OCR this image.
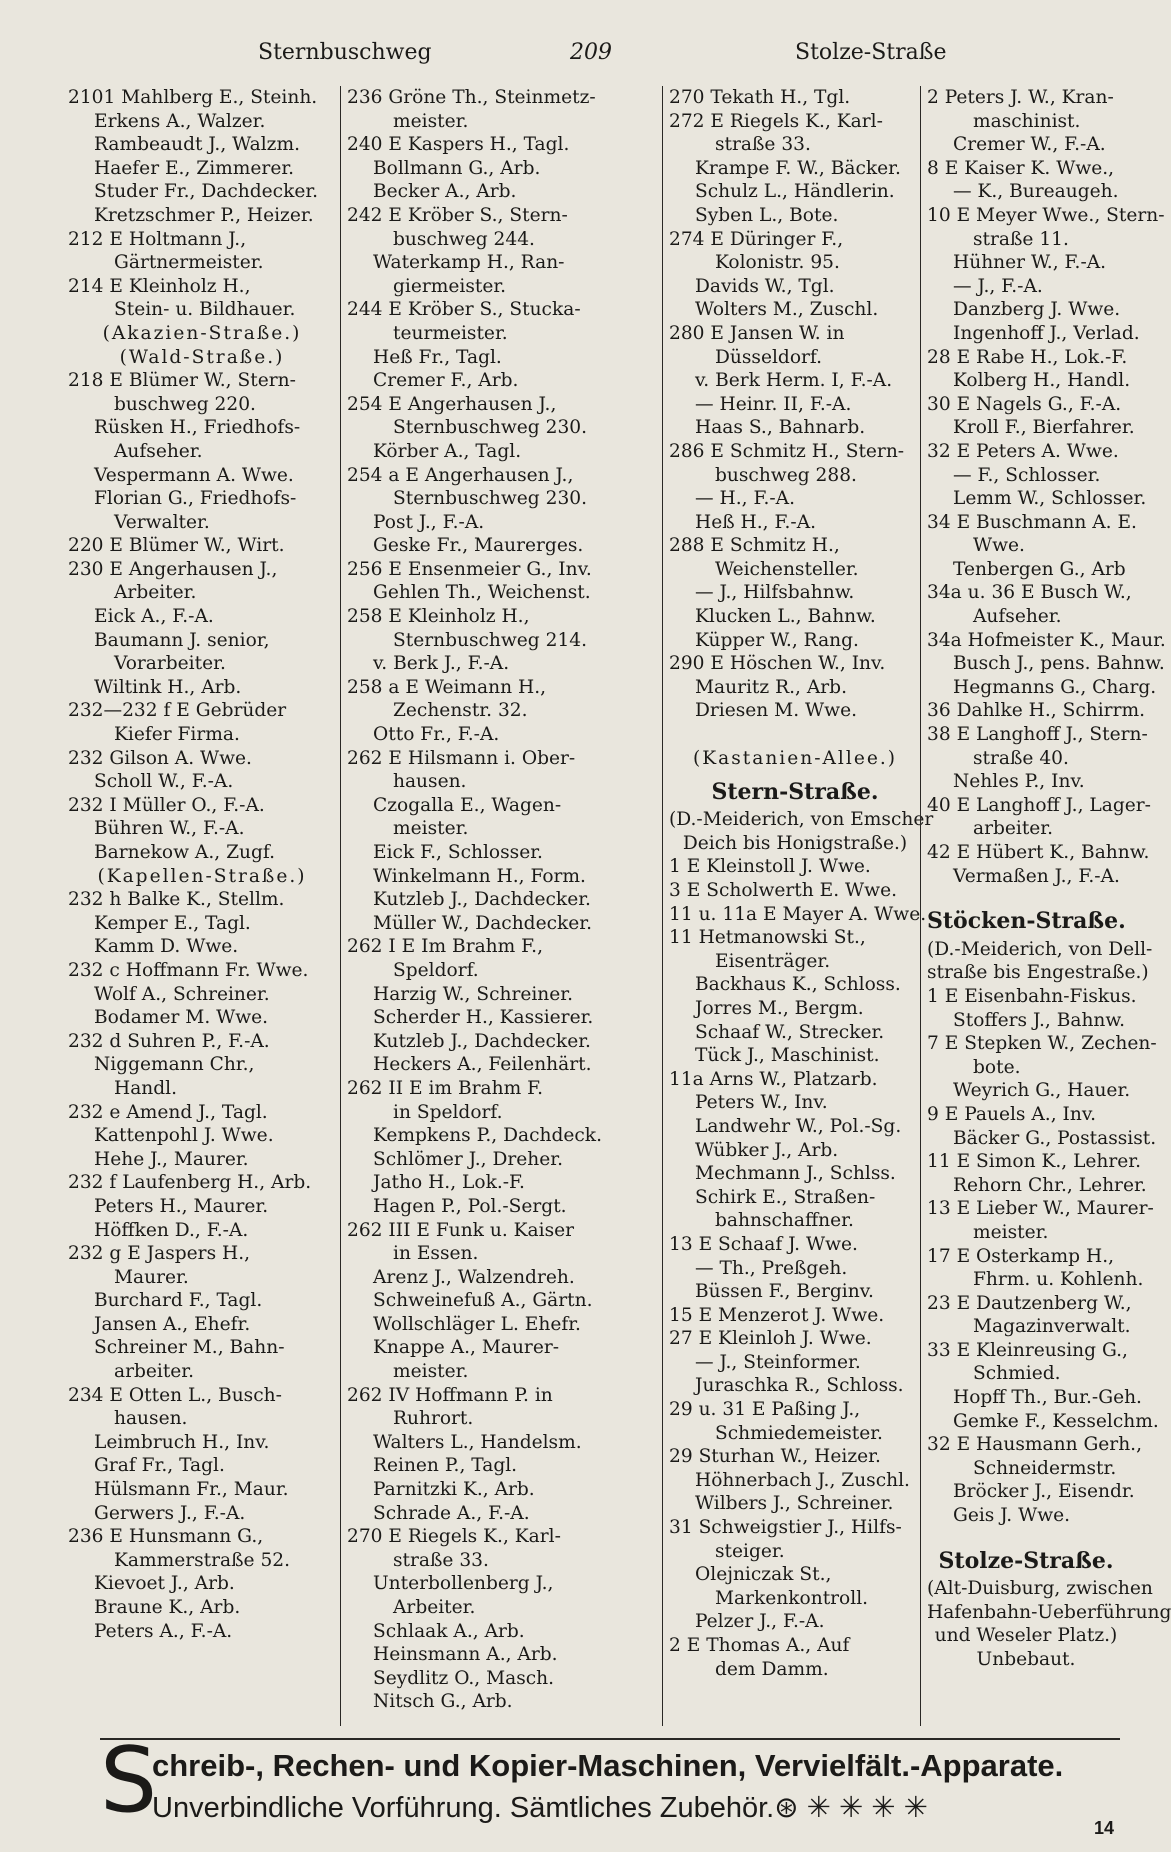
Sternbuschweg	209	Stolze-Straße
2101 Mahlberg E., Steinh.
Erkens A., Walzer.
Rambeaudt J., Walzm.
Haefer E., Zimmerer.
Studer Fr., Dachdecker.
Kretzschmer P., Heizer.
212 E Holtmann J.,
Gärtnermeister.
214 E Kleinholz H.,
Stein- u. Bildhauer.
(Akazien-Straße.)
(Wald-Straße.)
218 E Blümer W., Stern-
buschweg 220.
Rüsken H., Friedhofs-
Aufseher.
Vespermann A. Wwe.
Florian G., Friedhofs-
Verwalter.
220 E Blümer W., Wirt.
230 E Angerhausen J.,
Arbeiter.
Eick A., F.-A.
Baumann J. senior,
Vorarbeiter.
Wiltink H., Arb.
232—232 f E Gebrüder
Kiefer Firma.
232 Gilson A. Wwe.
Scholl W., F.-A.
232 I Müller O., F.-A.
Bühren W., F.-A.
Barnekow A., Zugf.
(Kapellen-Straße.)
232 h Balke K., Stellm.
Kemper E., Tagl.
Kamm D. Wwe.
232 c Hoffmann Fr. Wwe.
Wolf A., Schreiner.
Bodamer M. Wwe.
232 d Suhren P., F.-A.
Niggemann Chr.,
Handl.
232 e Amend J., Tagl.
Kattenpohl J. Wwe.
Hehe J., Maurer.
232 f Laufenberg H., Arb.
Peters H., Maurer.
Höffken D., F.-A.
232 g E Jaspers H.,
Maurer.
Burchard F., Tagl.
Jansen A., Ehefr.
Schreiner M., Bahn-
arbeiter.
234 E Otten L., Busch-
hausen.
Leimbruch H., Inv.
Graf Fr., Tagl.
Hülsmann Fr., Maur.
Gerwers J., F.-A.
236 E Hunsmann G.,
Kammerstraße 52.
Kievoet J., Arb.
Braune K., Arb.
Peters A., F.-A.
236 Gröne Th., Steinmetz-
meister.
240 E Kaspers H., Tagl.
Bollmann G., Arb.
Becker A., Arb.
242 E Kröber S., Stern-
buschweg 244.
Waterkamp H., Ran-
giermeister.
244 E Kröber S., Stucka-
teurmeister.
Heß Fr., Tagl.
Cremer F., Arb.
254 E Angerhausen J.,
Sternbuschweg 230.
Körber A., Tagl.
254 a E Angerhausen J.,
Sternbuschweg 230.
Post J., F.-A.
Geske Fr., Maurerges.
256 E Ensenmeier G., Inv.
Gehlen Th., Weichenst.
258 E Kleinholz H.,
Sternbuschweg 214.
v. Berk J., F.-A.
258 a E Weimann H.,
Zechenstr. 32.
Otto Fr., F.-A.
262 E Hilsmann i. Ober-
hausen.
Czogalla E., Wagen-
meister.
Eick F., Schlosser.
Winkelmann H., Form.
Kutzleb J., Dachdecker.
Müller W., Dachdecker.
262 I E Im Brahm F.,
Speldorf.
Harzig W., Schreiner.
Scherder H., Kassierer.
Kutzleb J., Dachdecker.
Heckers A., Feilenhärt.
262 II E im Brahm F.
in Speldorf.
Kempkens P., Dachdeck.
Schlömer J., Dreher.
Jatho H., Lok.-F.
Hagen P., Pol.-Sergt.
262 III E Funk u. Kaiser
in Essen.
Arenz J., Walzendreh.
Schweinefuß A., Gärtn.
Wollschläger L. Ehefr.
Knappe A., Maurer-
meister.
262 IV Hoffmann P. in
Ruhrort.
Walters L., Handelsm.
Reinen P., Tagl.
Parnitzki K., Arb.
Schrade A., F.-A.
270 E Riegels K., Karl-
straße 33.
Unterbollenberg J.,
Arbeiter.
Schlaak A., Arb.
Heinsmann A., Arb.
Seydlitz O., Masch.
Nitsch G., Arb.
270 Tekath H., Tgl.
272 E Riegels K., Karl-
straße 33.
Krampe F. W., Bäcker.
Schulz L., Händlerin.
Syben L., Bote.
274 E Düringer F.,
Kolonistr. 95.
Davids W., Tgl.
Wolters M., Zuschl.
280 E Jansen W. in
Düsseldorf.
v. Berk Herm. I, F.-A.
— Heinr. II, F.-A.
Haas S., Bahnarb.
286 E Schmitz H., Stern-
buschweg 288.
— H., F.-A.
Heß H., F.-A.
288 E Schmitz H.,
Weichensteller.
— J., Hilfsbahnw.
Klucken L., Bahnw.
Küpper W., Rang.
290 E Höschen W., Inv.
Mauritz R., Arb.
Driesen M. Wwe.
(Kastanien-Allee.)
Stern-Straße.
(D.-Meiderich, von Emscher
Deich bis Honigstraße.)
1 E Kleinstoll J. Wwe.
3 E Scholwerth E. Wwe.
11 u. 11a E Mayer A. Wwe.
11 Hetmanowski St.,
Eisenträger.
Backhaus K., Schloss.
Jorres M., Bergm.
Schaaf W., Strecker.
Tück J., Maschinist.
11a Arns W., Platzarb.
Peters W., Inv.
Landwehr W., Pol.-Sg.
Wübker J., Arb.
Mechmann J., Schlss.
Schirk E., Straßen-
bahnschaffner.
13 E Schaaf J. Wwe.
— Th., Preßgeh.
Büssen F., Berginv.
15 E Menzerot J. Wwe.
27 E Kleinloh J. Wwe.
— J., Steinformer.
Juraschka R., Schloss.
29 u. 31 E Paßing J.,
Schmiedemeister.
29 Sturhan W., Heizer.
Höhnerbach J., Zuschl.
Wilbers J., Schreiner.
31 Schweigstier J., Hilfs-
steiger.
Olejniczak St.,
Markenkontroll.
Pelzer J., F.-A.
2 E Thomas A., Auf
dem Damm.
2 Peters J. W., Kran-
maschinist.
Cremer W., F.-A.
8 E Kaiser K. Wwe.,
— K., Bureaugeh.
10 E Meyer Wwe., Stern-
straße 11.
Hühner W., F.-A.
— J., F.-A.
Danzberg J. Wwe.
Ingenhoff J., Verlad.
28 E Rabe H., Lok.-F.
Kolberg H., Handl.
30 E Nagels G., F.-A.
Kroll F., Bierfahrer.
32 E Peters A. Wwe.
— F., Schlosser.
Lemm W., Schlosser.
34 E Buschmann A. E.
Wwe.
Tenbergen G., Arb
34a u. 36 E Busch W.,
Aufseher.
34a Hofmeister K., Maur.
Busch J., pens. Bahnw.
Hegmanns G., Charg.
36 Dahlke H., Schirrm.
38 E Langhoff J., Stern-
straße 40.
Nehles P., Inv.
40 E Langhoff J., Lager-
arbeiter.
42 E Hübert K., Bahnw.
Vermaßen J., F.-A.
Stöcken-Straße.
(D.-Meiderich, von Dell-
straße bis Engestraße.)
1 E Eisenbahn-Fiskus.
Stoffers J., Bahnw.
7 E Stepken W., Zechen-
bote.
Weyrich G., Hauer.
9 E Pauels A., Inv.
Bäcker G., Postassist.
11 E Simon K., Lehrer.
Rehorn Chr., Lehrer.
13 E Lieber W., Maurer-
meister.
17 E Osterkamp H.,
Fhrm. u. Kohlenh.
23 E Dautzenberg W.,
Magazinverwalt.
33 E Kleinreusing G.,
Schmied.
Hopff Th., Bur.-Geh.
Gemke F., Kesselchm.
32 E Hausmann Gerh.,
Schneidermstr.
Bröcker J., Eisendr.
Geis J. Wwe.
Stolze-Straße.
(Alt-Duisburg, zwischen
Hafenbahn-Ueberführung
und Weseler Platz.)
Unbebaut.
S
chreib-, Rechen- und Kopier-Maschinen, Vervielfält.-Apparate.
Unverbindliche Vorführung. Sämtliches Zubehör.⊛ ✳ ✳ ✳ ✳
14
